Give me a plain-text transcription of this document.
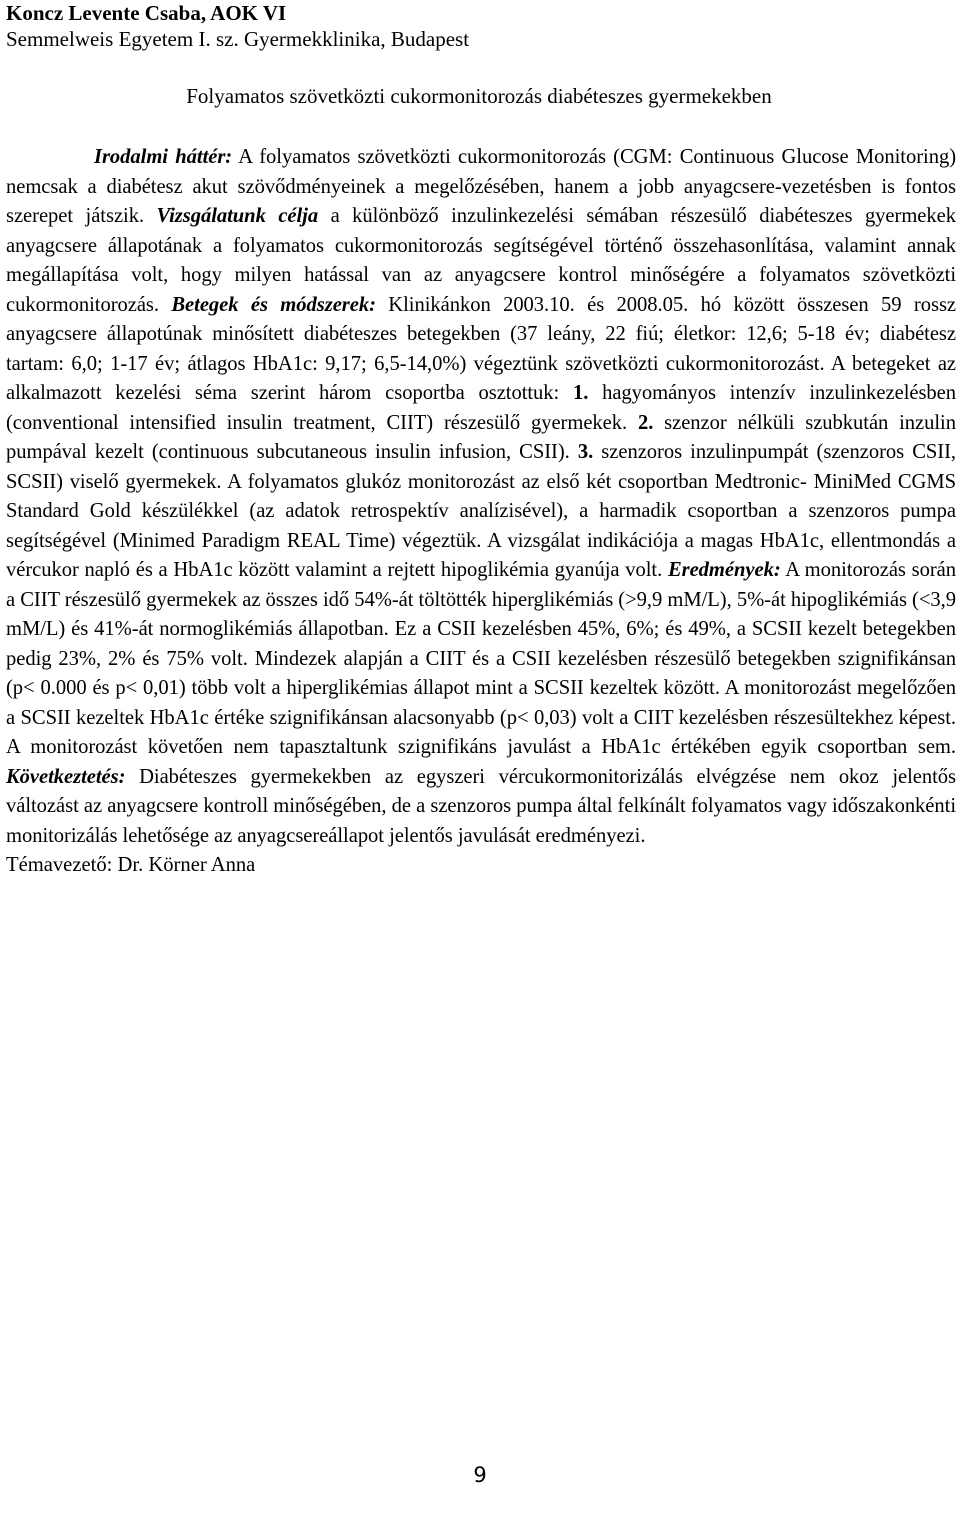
Koncz Levente Csaba, AOK VI
Semmelweis Egyetem I. sz. Gyermekklinika, Budapest
Folyamatos szövetközti cukormonitorozás diabéteszes gyermekekben
Irodalmi háttér: A folyamatos szövetközti cukormonitorozás (CGM: Continuous Glucose Monitoring) nemcsak a diabétesz akut szövődményeinek a megelőzésében, hanem a jobb anyagcsere-vezetésben is fontos szerepet játszik. Vizsgálatunk célja a különböző inzulinkezelési sémában részesülő diabéteszes gyermekek anyagcsere állapotának a folyamatos cukormonitorozás segítségével történő összehasonlítása, valamint annak megállapítása volt, hogy milyen hatással van az anyagcsere kontrol minőségére a folyamatos szövetközti cukormonitorozás. Betegek és módszerek: Klinikánkon 2003.10. és 2008.05. hó között összesen 59 rossz anyagcsere állapotúnak minősített diabéteszes betegekben (37 leány, 22 fiú; életkor: 12,6; 5-18 év; diabétesz tartam: 6,0; 1-17 év; átlagos HbA1c: 9,17; 6,5-14,0%) végeztünk szövetközti cukormonitorozást. A betegeket az alkalmazott kezelési séma szerint három csoportba osztottuk: 1. hagyományos intenzív inzulinkezelésben (conventional intensified insulin treatment, CIIT) részesülő gyermekek. 2. szenzor nélküli szubkután inzulin pumpával kezelt (continuous subcutaneous insulin infusion, CSII). 3. szenzoros inzulinpumpát (szenzoros CSII, SCSII) viselő gyermekek. A folyamatos glukóz monitorozást az első két csoportban Medtronic- MiniMed CGMS Standard Gold készülékkel (az adatok retrospektív analízisével), a harmadik csoportban a szenzoros pumpa segítségével (Minimed Paradigm REAL Time) végeztük. A vizsgálat indikációja a magas HbA1c, ellentmondás a vércukor napló és a HbA1c között valamint a rejtett hipoglikémia gyanúja volt. Eredmények: A monitorozás során a CIIT részesülő gyermekek az összes idő 54%-át töltötték hiperglikémiás (>9,9 mM/L), 5%-át hipoglikémiás (<3,9 mM/L) és 41%-át normoglikémiás állapotban. Ez a CSII kezelésben 45%, 6%; és 49%, a SCSII kezelt betegekben pedig 23%, 2% és 75% volt. Mindezek alapján a CIIT és a CSII kezelésben részesülő betegekben szignifikánsan (p< 0.000 és p< 0,01) több volt a hiperglikémias állapot mint a SCSII kezeltek között. A monitorozást megelőzően a SCSII kezeltek HbA1c értéke szignifikánsan alacsonyabb (p< 0,03) volt a CIIT kezelésben részesültekhez képest. A monitorozást követően nem tapasztaltunk szignifikáns javulást a HbA1c értékében egyik csoportban sem. Következtetés: Diabéteszes gyermekekben az egyszeri vércukormonitorizálás elvégzése nem okoz jelentős változást az anyagcsere kontroll minőségében, de a szenzoros pumpa által felkínált folyamatos vagy időszakonkénti monitorizálás lehetősége az anyagcsereállapot jelentős javulását eredményezi.
Témavezető: Dr. Körner Anna
9
